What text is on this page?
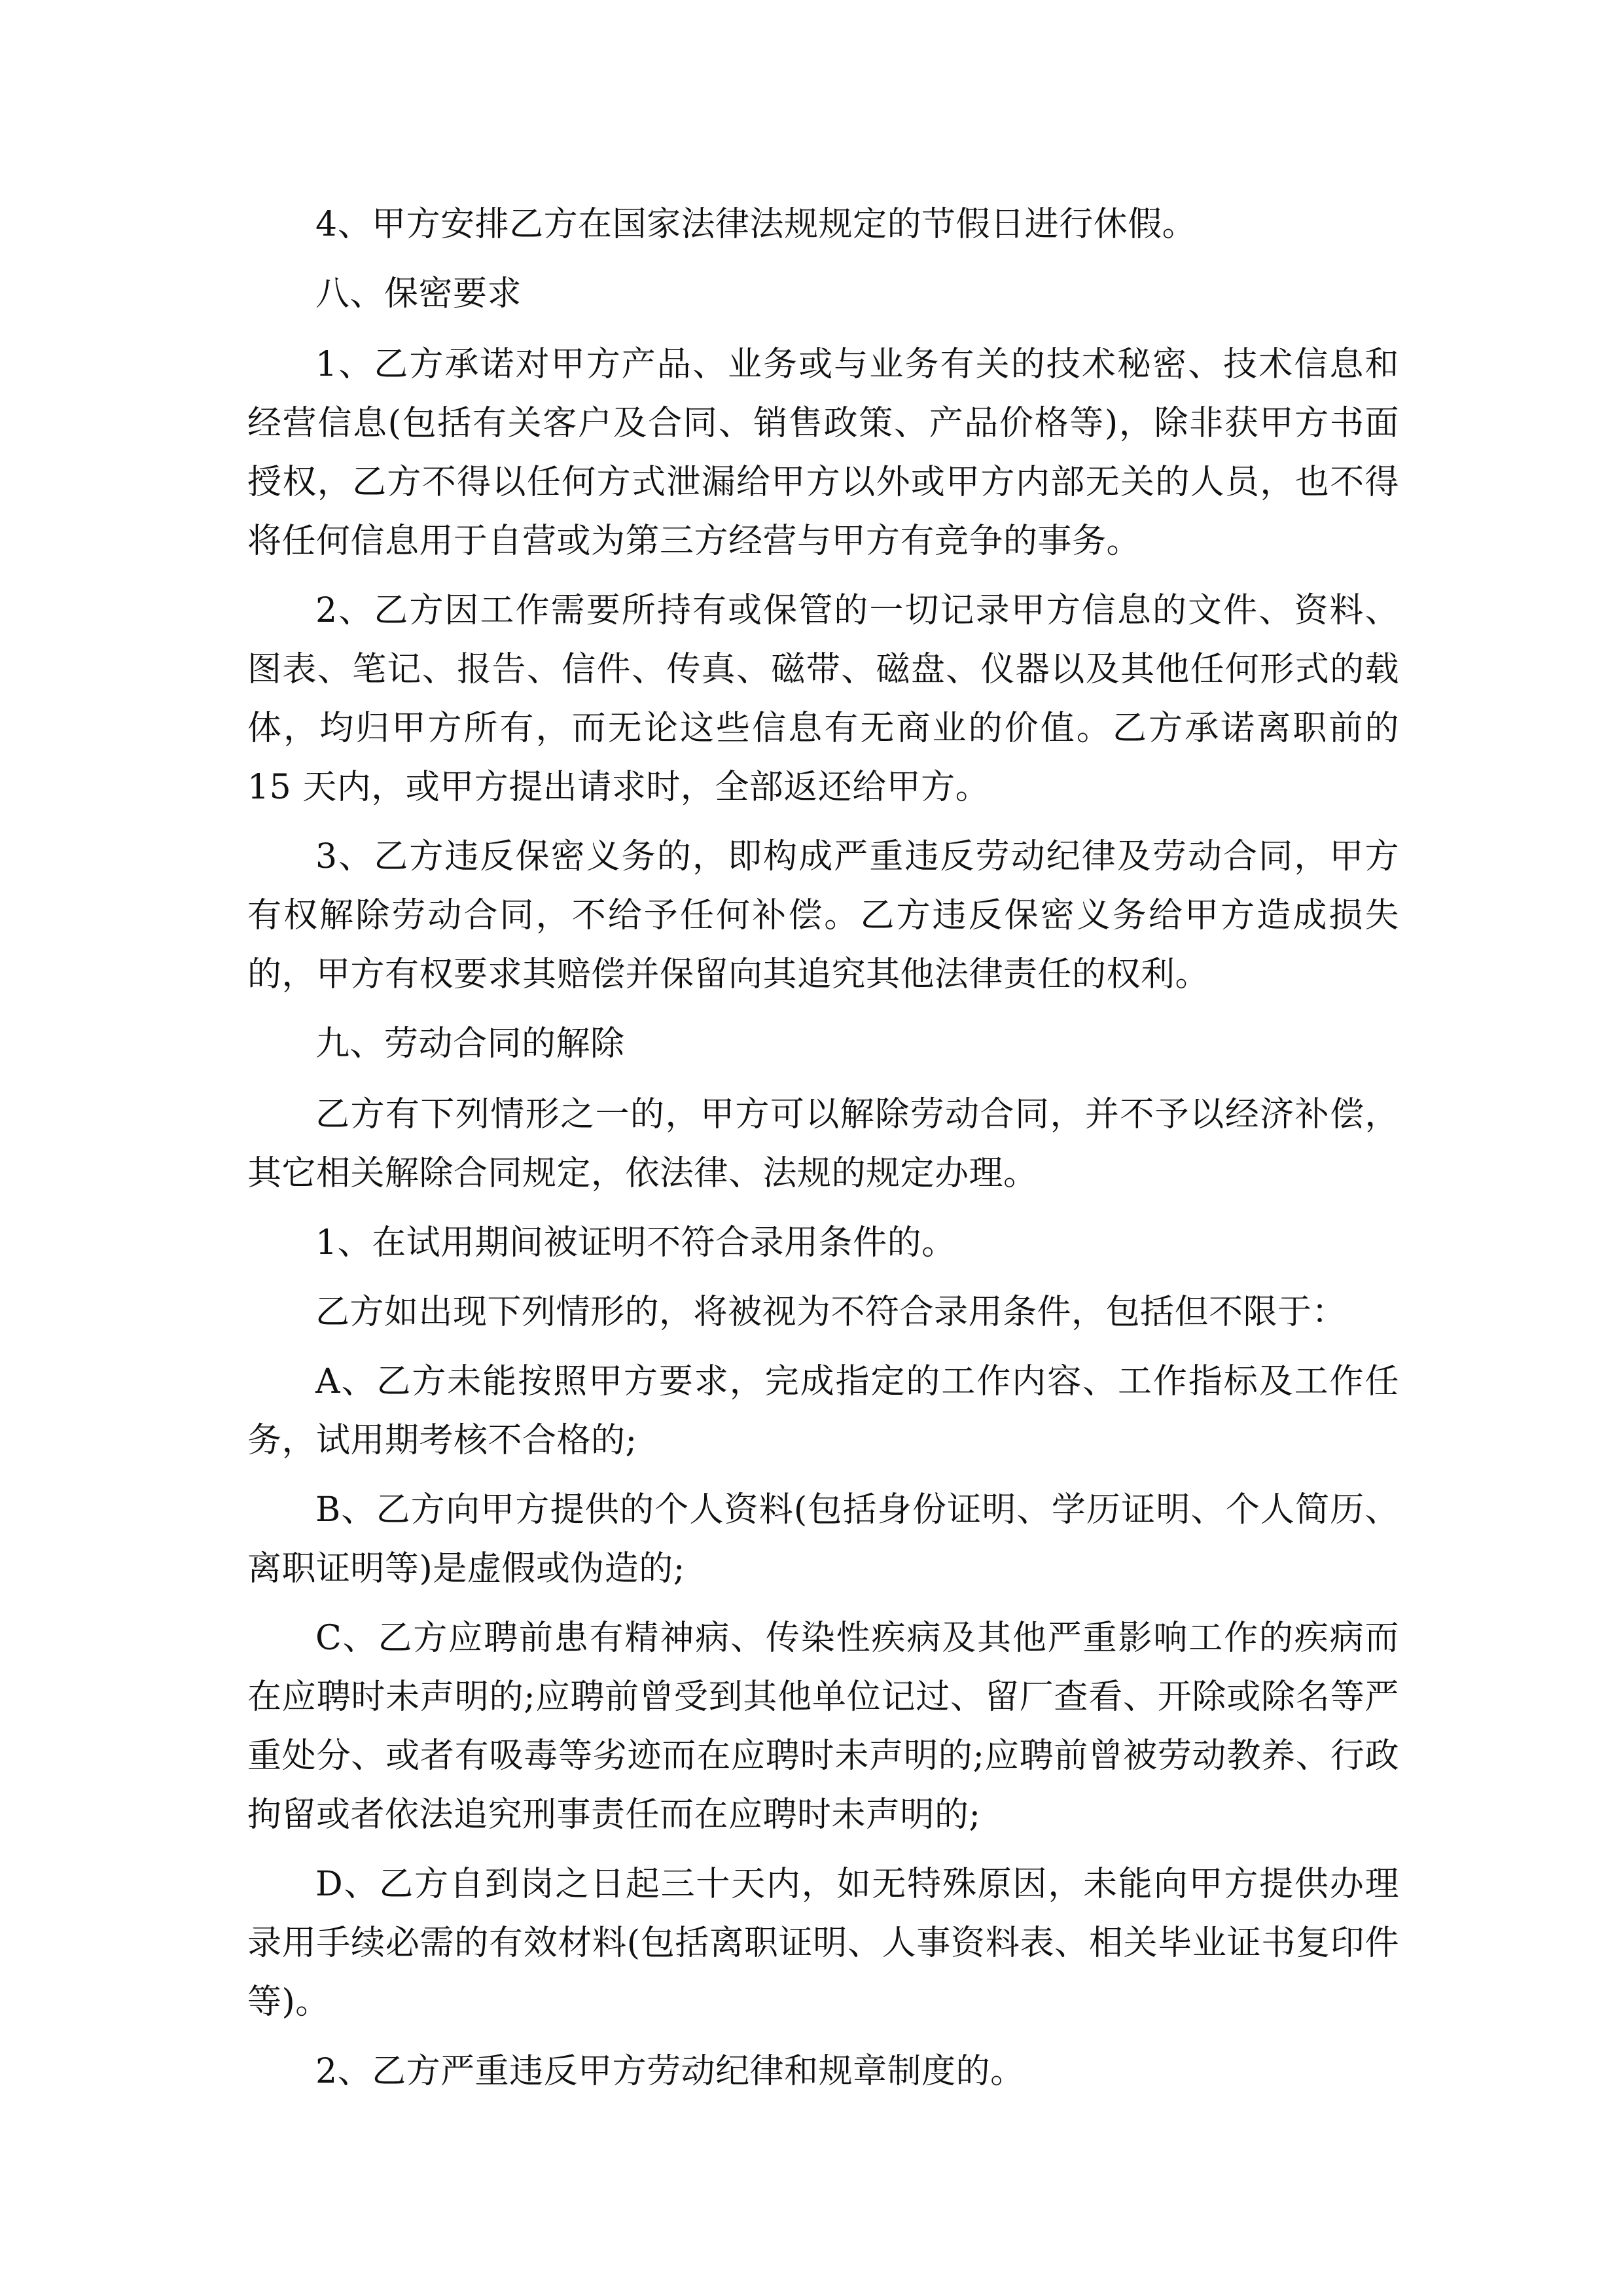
4、甲方安排乙方在国家法律法规规定的节假日进行休假。

八、保密要求

1、乙方承诺对甲方产品、业务或与业务有关的技术秘密、技术信息和经营信息(包括有关客户及合同、销售政策、产品价格等)，除非获甲方书面授权，乙方不得以任何方式泄漏给甲方以外或甲方内部无关的人员，也不得将任何信息用于自营或为第三方经营与甲方有竞争的事务。

2、乙方因工作需要所持有或保管的一切记录甲方信息的文件、资料、图表、笔记、报告、信件、传真、磁带、磁盘、仪器以及其他任何形式的载体，均归甲方所有，而无论这些信息有无商业的价值。乙方承诺离职前的 15 天内，或甲方提出请求时，全部返还给甲方。

3、乙方违反保密义务的，即构成严重违反劳动纪律及劳动合同，甲方有权解除劳动合同，不给予任何补偿。乙方违反保密义务给甲方造成损失的，甲方有权要求其赔偿并保留向其追究其他法律责任的权利。

九、劳动合同的解除

乙方有下列情形之一的，甲方可以解除劳动合同，并不予以经济补偿，其它相关解除合同规定，依法律、法规的规定办理。

1、在试用期间被证明不符合录用条件的。

乙方如出现下列情形的，将被视为不符合录用条件，包括但不限于：

A、乙方未能按照甲方要求，完成指定的工作内容、工作指标及工作任务，试用期考核不合格的;

B、乙方向甲方提供的个人资料(包括身份证明、学历证明、个人简历、离职证明等)是虚假或伪造的;

C、乙方应聘前患有精神病、传染性疾病及其他严重影响工作的疾病而在应聘时未声明的;应聘前曾受到其他单位记过、留厂查看、开除或除名等严重处分、或者有吸毒等劣迹而在应聘时未声明的;应聘前曾被劳动教养、行政拘留或者依法追究刑事责任而在应聘时未声明的;

D、乙方自到岗之日起三十天内，如无特殊原因，未能向甲方提供办理录用手续必需的有效材料(包括离职证明、人事资料表、相关毕业证书复印件等)。

2、乙方严重违反甲方劳动纪律和规章制度的。
